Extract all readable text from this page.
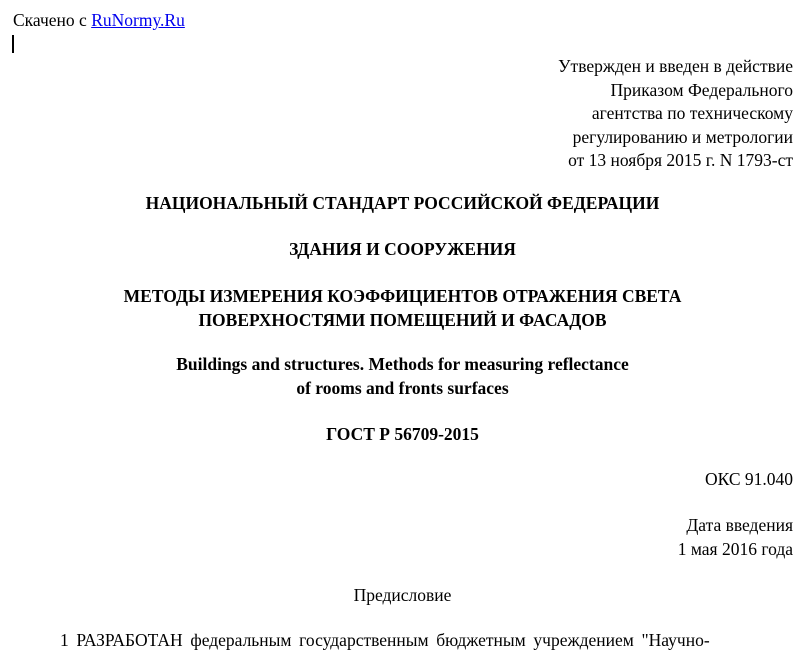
Скачено с RuNormy.Ru
Утвержден и введен в действие
Приказом Федерального
агентства по техническому
регулированию и метрологии
от 13 ноября 2015 г. N 1793-ст
НАЦИОНАЛЬНЫЙ СТАНДАРТ РОССИЙСКОЙ ФЕДЕРАЦИИ
ЗДАНИЯ И СООРУЖЕНИЯ
МЕТОДЫ ИЗМЕРЕНИЯ КОЭФФИЦИЕНТОВ ОТРАЖЕНИЯ СВЕТА
ПОВЕРХНОСТЯМИ ПОМЕЩЕНИЙ И ФАСАДОВ
Buildings and structures. Methods for measuring reflectance
of rooms and fronts surfaces
ГОСТ Р 56709-2015
ОКС 91.040
Дата введения
1 мая 2016 года
Предисловие
1 РАЗРАБОТАН федеральным государственным бюджетным учреждением "Научно-
